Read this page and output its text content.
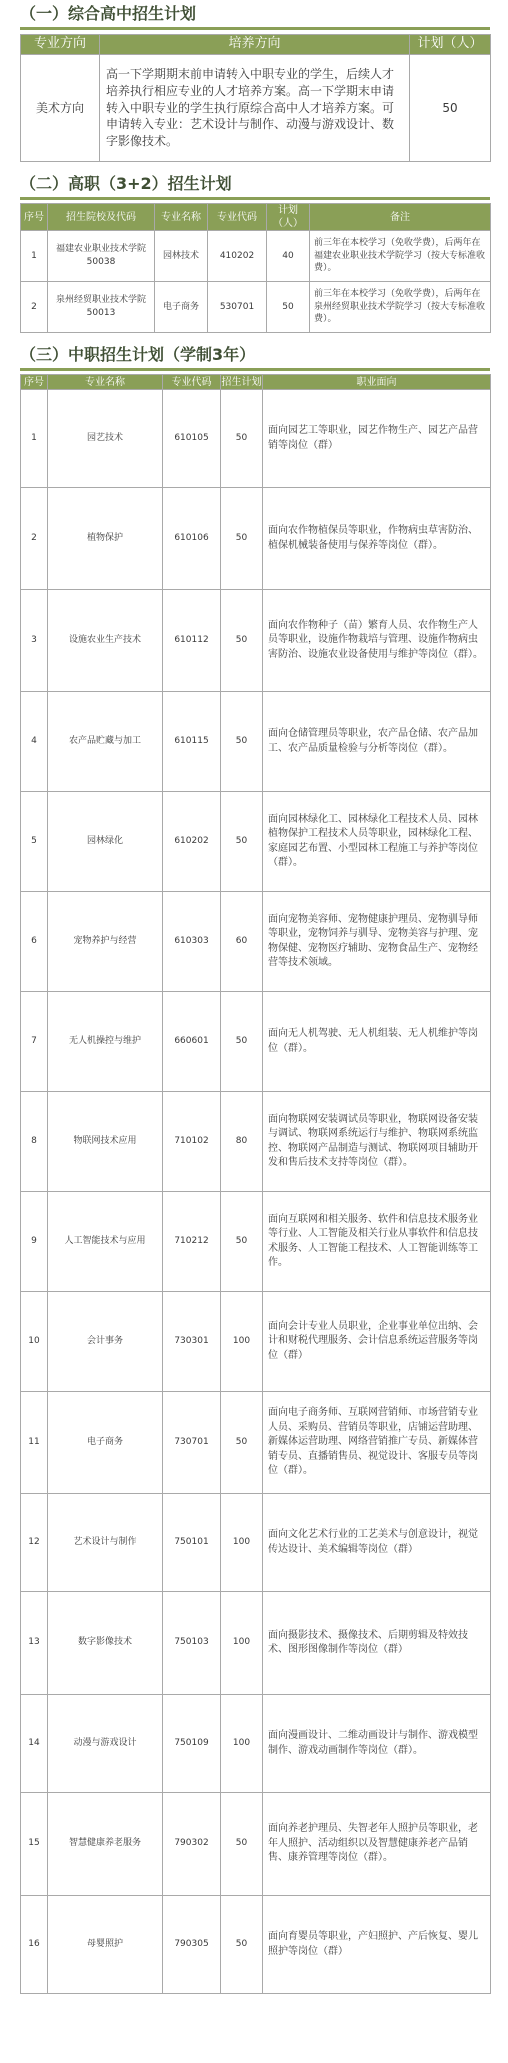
（一）综合高中招生计划
专业方向	培养方向	计划（人）
美术方向	高一下学期期末前申请转入中职专业的学生，后续人才培养执行相应专业的人才培养方案。高一下学期末申请转入中职专业的学生执行原综合高中人才培养方案。可申请转入专业：艺术设计与制作、动漫与游戏设计、数字影像技术。	50
（二）高职（3+2）招生计划
序号	招生院校及代码	专业名称	专业代码	计划（人）	备注
1	福建农业职业技术学院50038	园林技术	410202	40	前三年在本校学习（免收学费），后两年在福建农业职业技术学院学习（按大专标准收费）。
2	泉州经贸职业技术学院50013	电子商务	530701	50	前三年在本校学习（免收学费），后两年在泉州经贸职业技术学院学习（按大专标准收费）。
（三）中职招生计划（学制3年）
序号	专业名称	专业代码	招生计划	职业面向
1	园艺技术	610105	50	面向园艺工等职业，园艺作物生产、园艺产品营销等岗位（群）
2	植物保护	610106	50	面向农作物植保员等职业，作物病虫草害防治、植保机械装备使用与保养等岗位（群）。
3	设施农业生产技术	610112	50	面向农作物种子（苗）繁育人员、农作物生产人员等职业，设施作物栽培与管理、设施作物病虫害防治、设施农业设备使用与维护等岗位（群）。
4	农产品贮藏与加工	610115	50	面向仓储管理员等职业，农产品仓储、农产品加工、农产品质量检验与分析等岗位（群）。
5	园林绿化	610202	50	面向园林绿化工、园林绿化工程技术人员、园林植物保护工程技术人员等职业，园林绿化工程、家庭园艺布置、小型园林工程施工与养护等岗位（群）。
6	宠物养护与经营	610303	60	面向宠物美容师、宠物健康护理员、宠物驯导师等职业，宠物饲养与驯导、宠物美容与护理、宠物保健、宠物医疗辅助、宠物食品生产、宠物经营等技术领域。
7	无人机操控与维护	660601	50	面向无人机驾驶、无人机组装、无人机维护等岗位（群）。
8	物联网技术应用	710102	80	面向物联网安装调试员等职业，物联网设备安装与调试、物联网系统运行与维护、物联网系统监控、物联网产品制造与测试、物联网项目辅助开发和售后技术支持等岗位（群）。
9	人工智能技术与应用	710212	50	面向互联网和相关服务、软件和信息技术服务业等行业、人工智能及相关行业从事软件和信息技术服务、人工智能工程技术、人工智能训练等工作。
10	会计事务	730301	100	面向会计专业人员职业，企业事业单位出纳、会计和财税代理服务、会计信息系统运营服务等岗位（群）
11	电子商务	730701	50	面向电子商务师、互联网营销师、市场营销专业人员、采购员、营销员等职业，店铺运营助理、新媒体运营助理、网络营销推广专员、新媒体营销专员、直播销售员、视觉设计、客服专员等岗位（群）。
12	艺术设计与制作	750101	100	面向文化艺术行业的工艺美术与创意设计，视觉传达设计、美术编辑等岗位（群）
13	数字影像技术	750103	100	面向摄影技术、摄像技术、后期剪辑及特效技术、图形图像制作等岗位（群）
14	动漫与游戏设计	750109	100	面向漫画设计、二维动画设计与制作、游戏模型制作、游戏动画制作等岗位（群）。
15	智慧健康养老服务	790302	50	面向养老护理员、失智老年人照护员等职业，老年人照护、活动组织以及智慧健康养老产品销售、康养管理等岗位（群）。
16	母婴照护	790305	50	面向育婴员等职业，产妇照护、产后恢复、婴儿照护等岗位（群）
